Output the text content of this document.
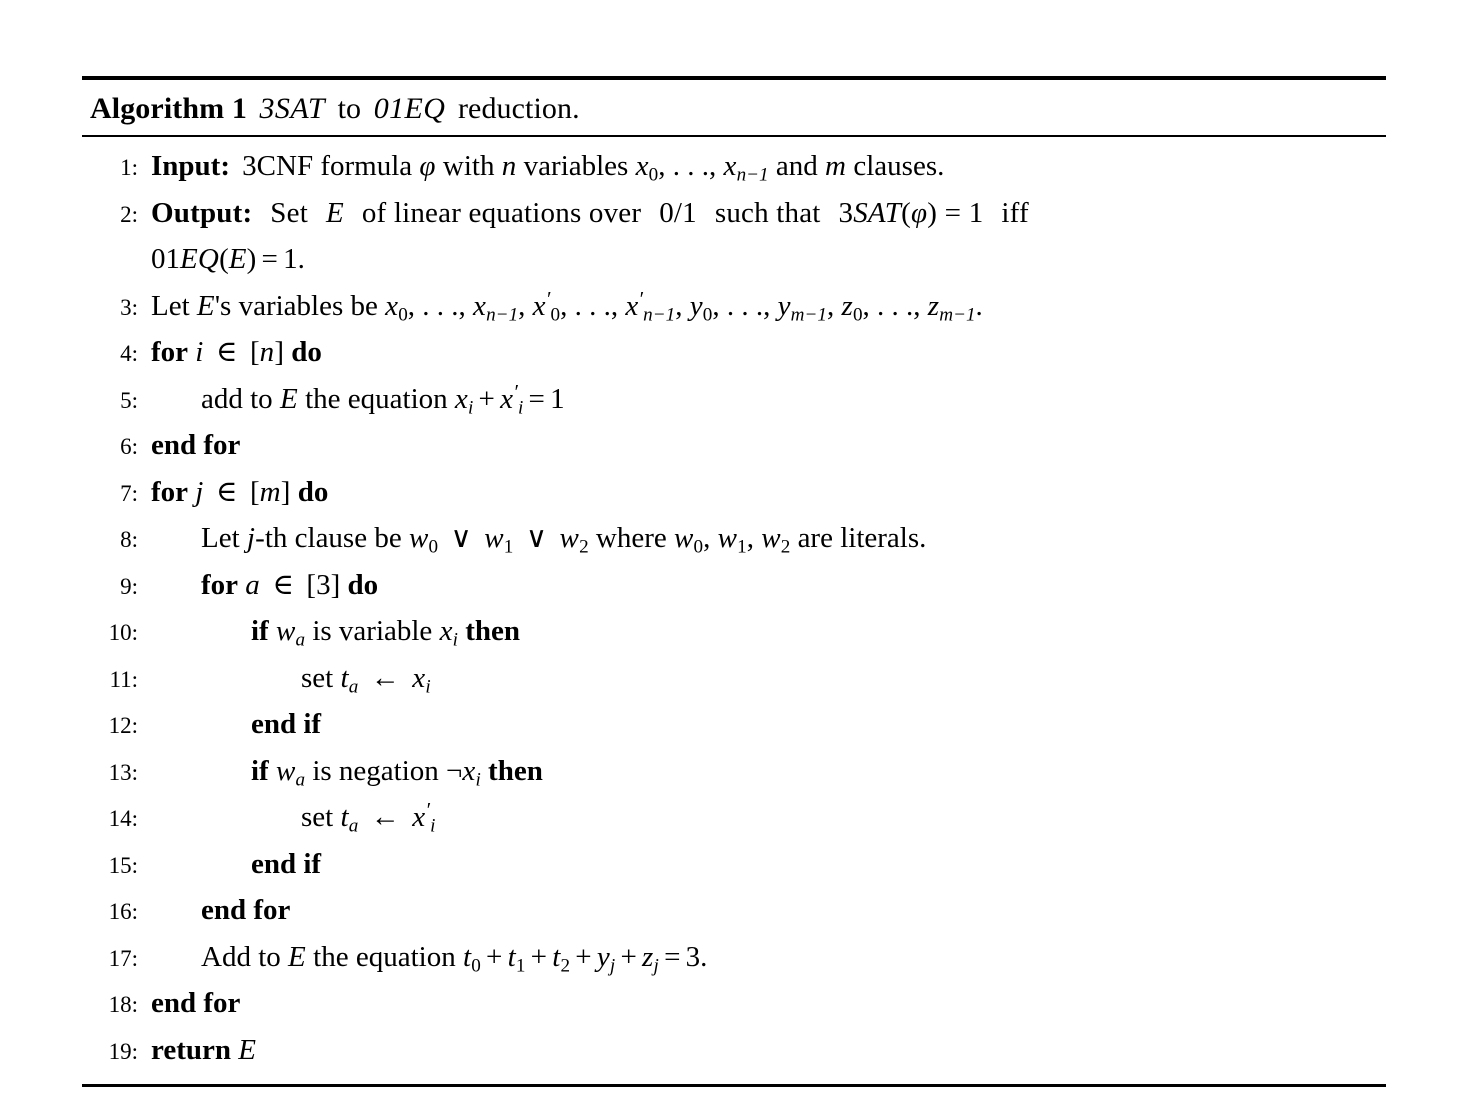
Algorithm 1 3SAT to 01EQ reduction.
1: Input: 3CNF formula φ with n variables $x_0$, . . ., $x_{n-1}$ and m clauses.
2: Output: Set E of linear equations over 0/1 such that 3SAT(φ) = 1 iff
01EQ(E) = 1.
3: Let E's variables be $x_0$, . . ., $x_{n-1}$, $x'_0$, . . ., $x'_{n-1}$, $y_0$, . . ., $y_{m-1}$, $z_0$, . . ., $z_{m-1}$.
4: for i ∈ [n] do
5:	add to E the equation $x_i + x'_i = 1$
6: end for
7: for j ∈ [m] do
8:	Let j-th clause be $w_0$ ∨ $w_1$ ∨ $w_2$ where $w_0$, $w_1$, $w_2$ are literals.
9:	for a ∈ [3] do
10:	if $w_a$ is variable $x_i$ then
11:	set $t_a$ ← $x_i$
12:	end if
13:	if $w_a$ is negation $\neg x_i$ then
14:	set $t_a$ ← $x'_i$
15:	end if
16:	end for
17:	Add to E the equation $t_0 + t_1 + t_2 + y_j + z_j = 3$.
18: end for
19: return E
